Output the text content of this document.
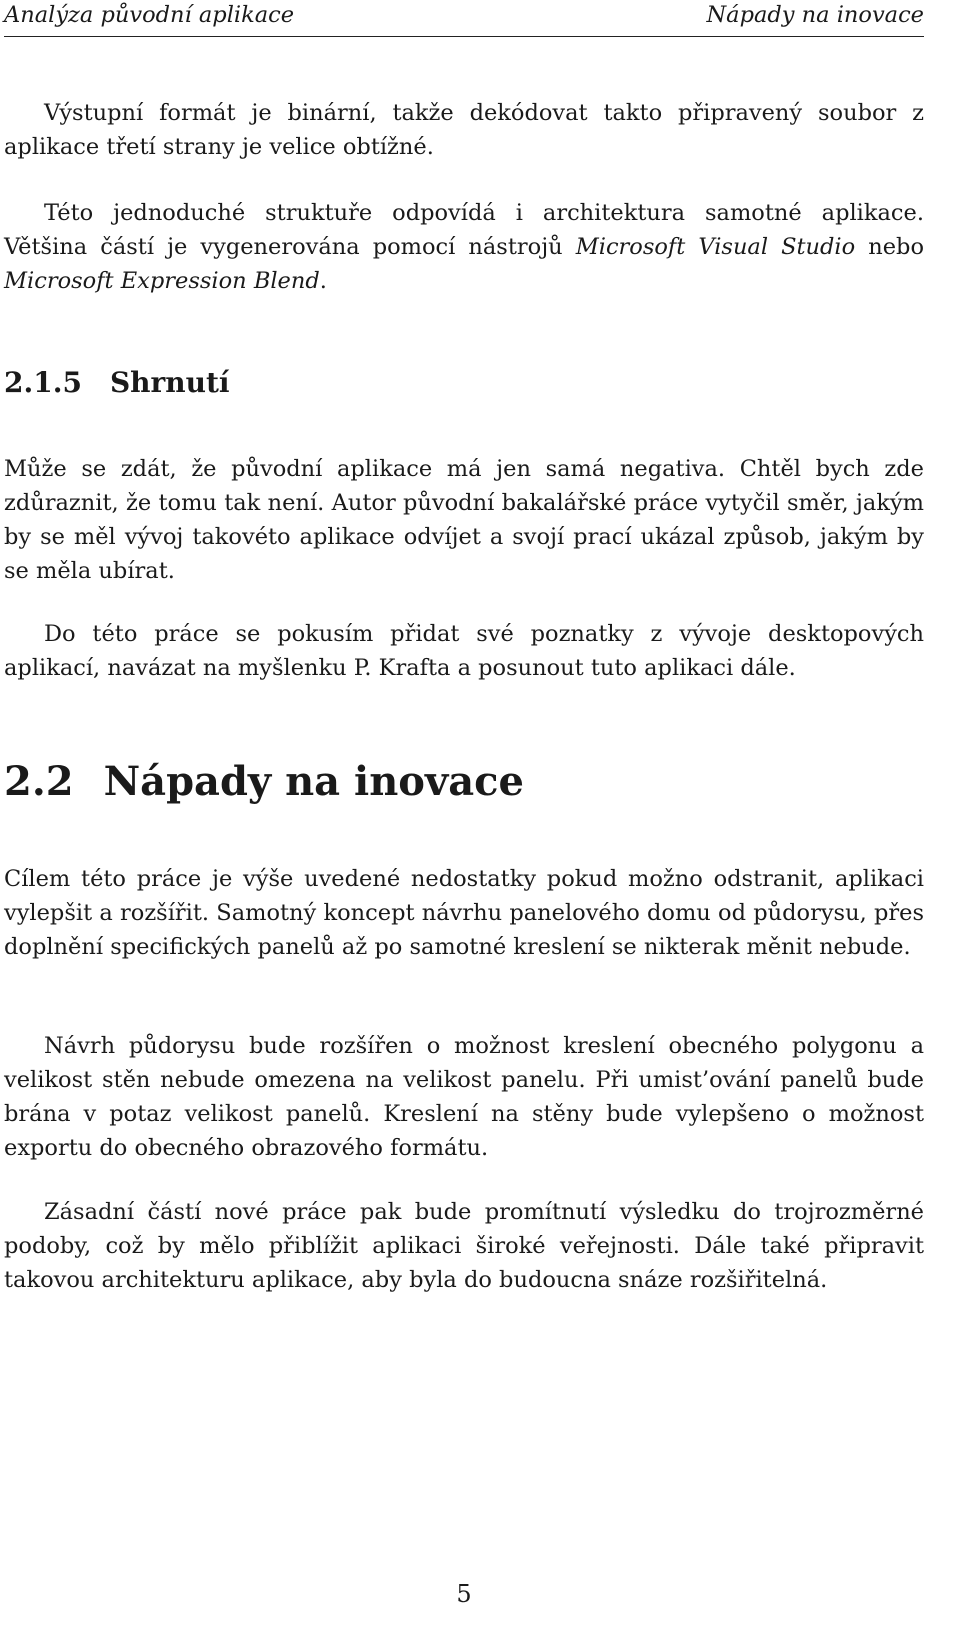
Analýza původní aplikace	Nápady na inovace

Výstupní formát je binární, takže dekódovat takto připravený soubor z aplikace třetí strany je velice obtížné.

Této jednoduché struktuře odpovídá i architektura samotné aplikace. Většina částí je vygenerována pomocí nástrojů Microsoft Visual Studio nebo Microsoft Expression Blend.

2.1.5 Shrnutí

Může se zdát, že původní aplikace má jen samá negativa. Chtěl bych zde zdůraznit, že tomu tak není. Autor původní bakalářské práce vytyčil směr, jakým by se měl vývoj takovéto aplikace odvíjet a svojí prací ukázal způsob, jakým by se měla ubírat.

Do této práce se pokusím přidat své poznatky z vývoje desktopových aplikací, navázat na myšlenku P. Krafta a posunout tuto aplikaci dále.

2.2 Nápady na inovace

Cílem této práce je výše uvedené nedostatky pokud možno odstranit, aplikaci vylepšit a rozšířit. Samotný koncept návrhu panelového domu od půdorysu, přes doplnění specifických panelů až po samotné kreslení se nikterak měnit nebude.

Návrh půdorysu bude rozšířen o možnost kreslení obecného polygonu a velikost stěn nebude omezena na velikost panelu. Při umist’ování panelů bude brána v potaz velikost panelů. Kreslení na stěny bude vylepšeno o možnost exportu do obecného obrazového formátu.

Zásadní částí nové práce pak bude promítnutí výsledku do trojrozměrné podoby, což by mělo přiblížit aplikaci široké veřejnosti. Dále také připravit takovou architekturu aplikace, aby byla do budoucna snáze rozšiřitelná.

5
